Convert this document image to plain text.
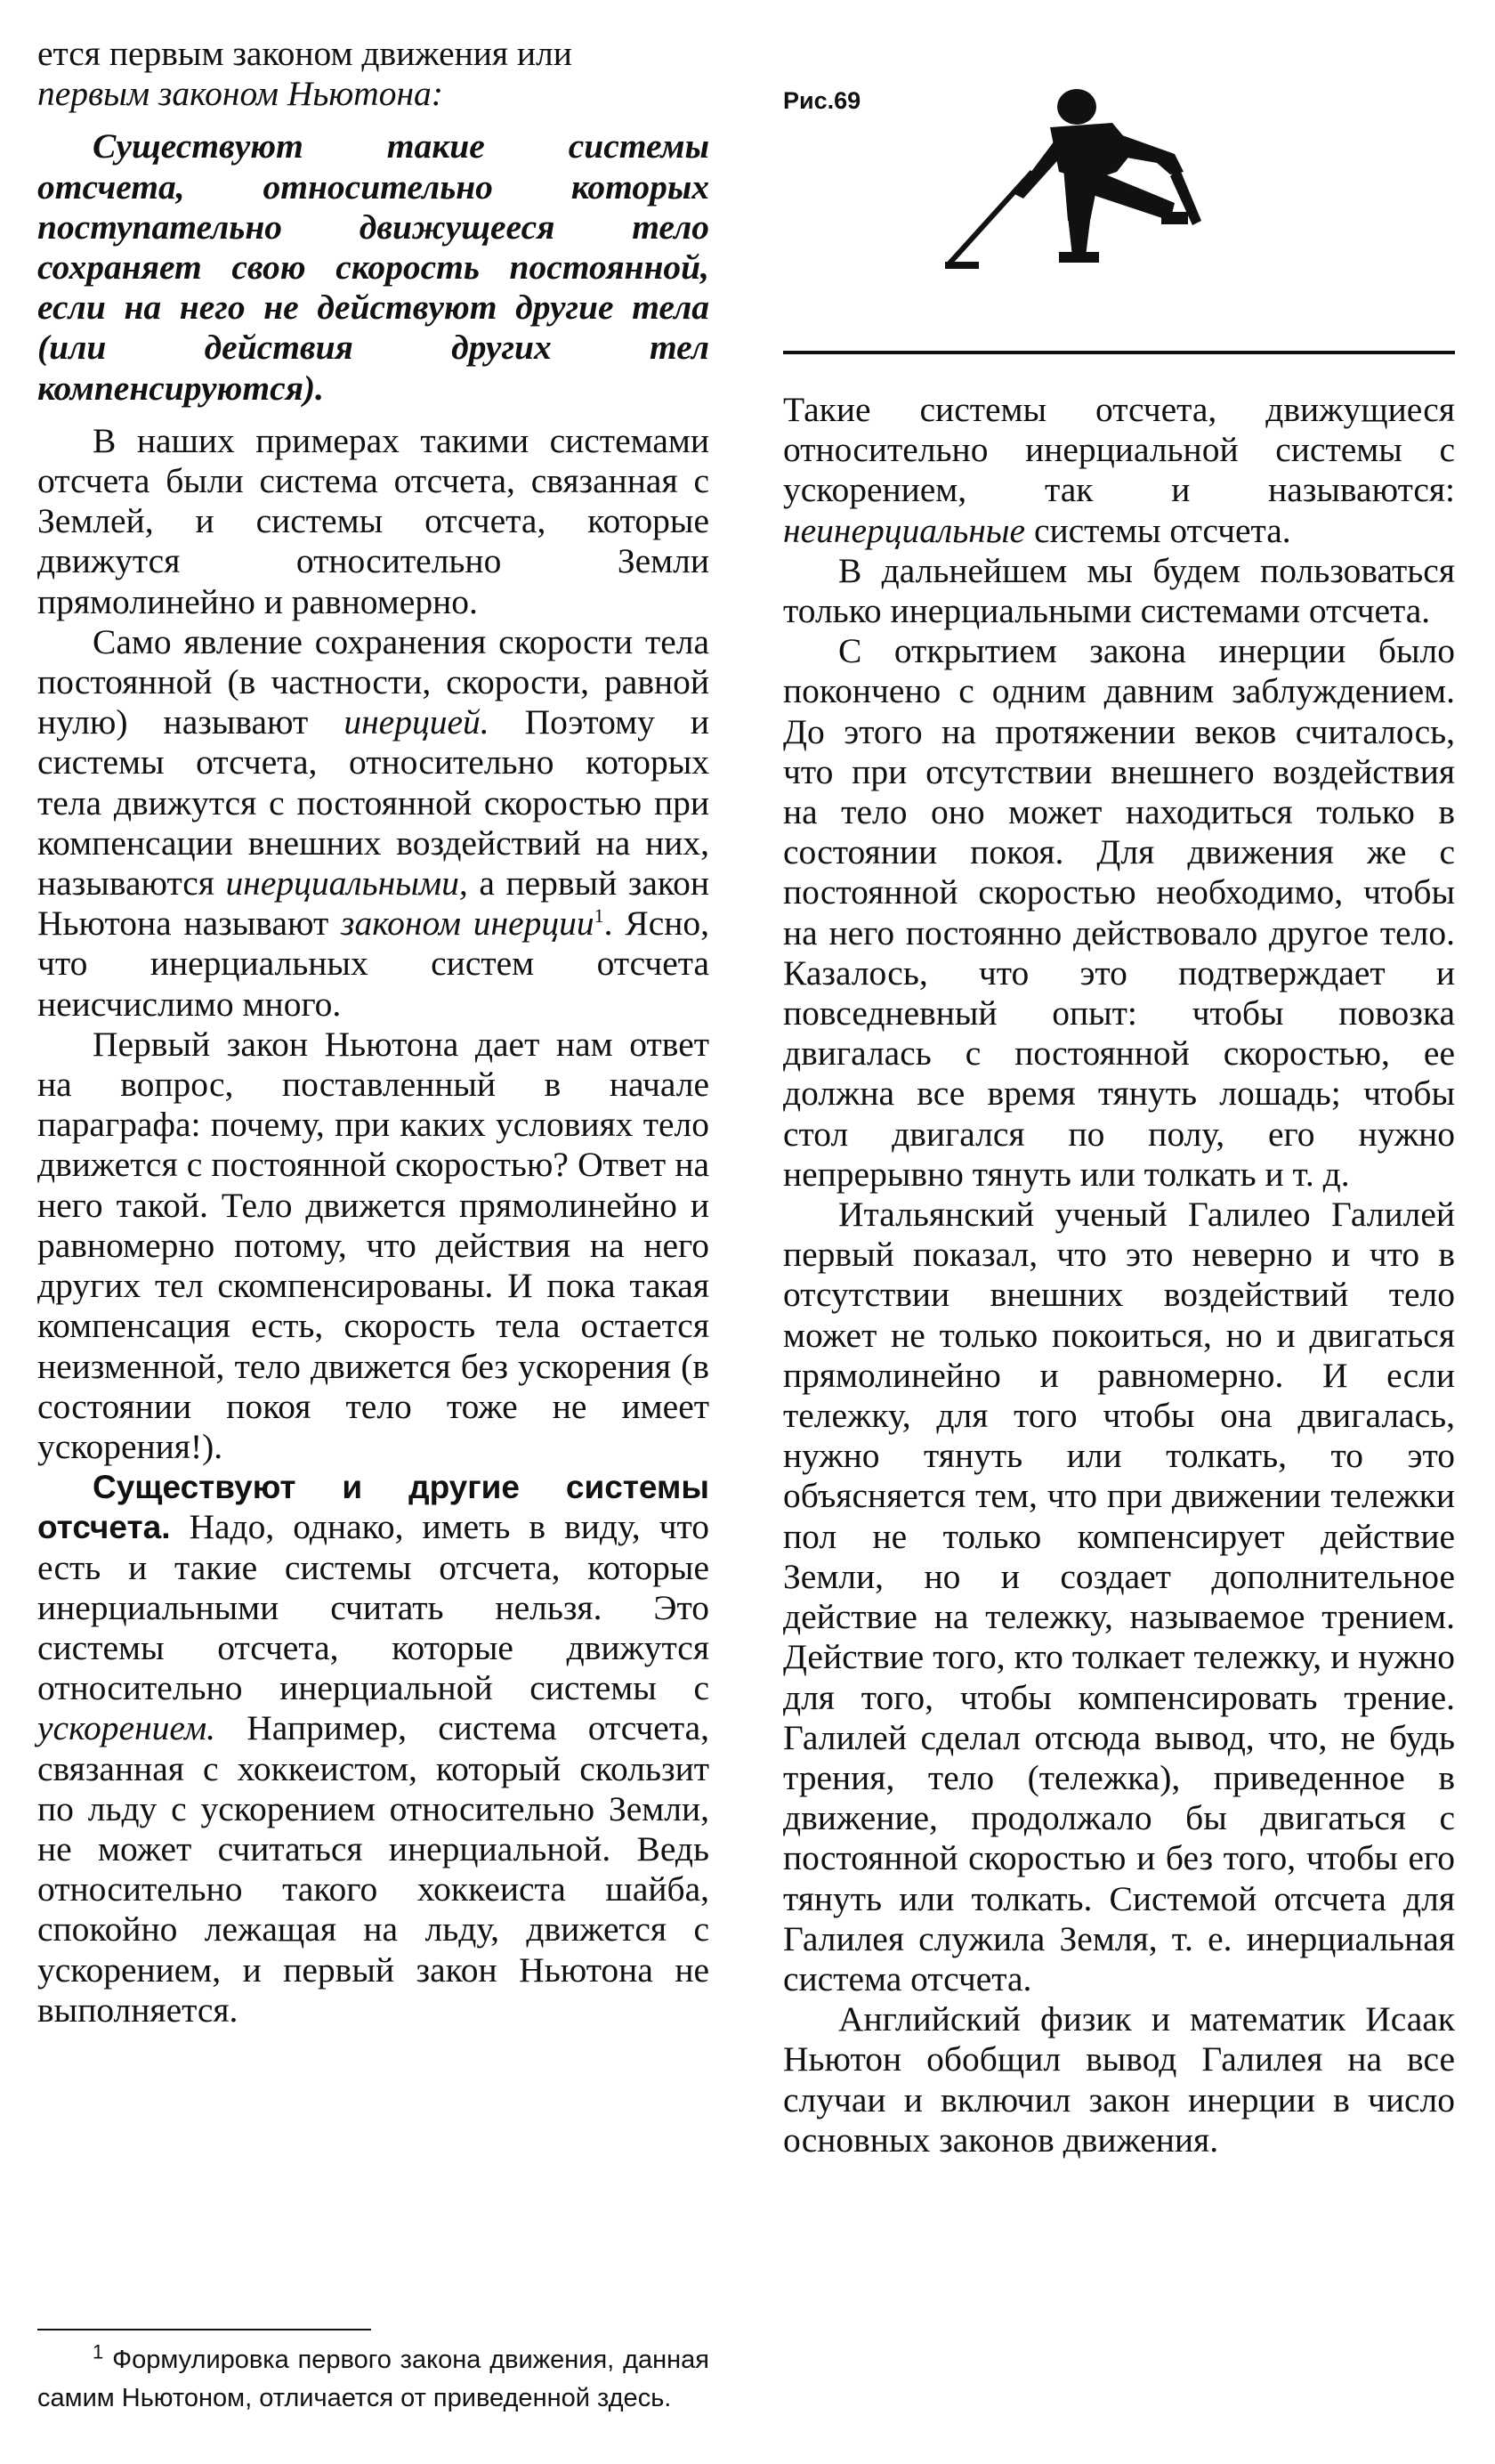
ется первым законом движения или
первым законом Ньютона:

Существуют такие системы отсчета, относительно которых поступательно движущееся тело сохраняет свою скорость постоянной, если на него не действуют другие тела (или действия других тел компенсируются).

В наших примерах такими системами отсчета были система отсчета, связанная с Землей, и системы отсчета, которые движутся относительно Земли прямолинейно и равномерно.

Само явление сохранения скорости тела постоянной (в частности, скорости, равной нулю) называют инерцией. Поэтому и системы отсчета, относительно которых тела движутся с постоянной скоростью при компенсации внешних воздействий на них, называются инерциальными, а первый закон Ньютона называют законом инерции$^1$. Ясно, что инерциальных систем отсчета неисчислимо много.

Первый закон Ньютона дает нам ответ на вопрос, поставленный в начале параграфа: почему, при каких условиях тело движется с постоянной скоростью? Ответ на него такой. Тело движется прямолинейно и равномерно потому, что действия на него других тел скомпенсированы. И пока такая компенсация есть, скорость тела остается неизменной, тело движется без ускорения (в состоянии покоя тело тоже не имеет ускорения!).

Существуют и другие системы отсчета. Надо, однако, иметь в виду, что есть и такие системы отсчета, которые инерциальными считать нельзя. Это системы отсчета, которые движутся относительно инерциальной системы с ускорением. Например, система отсчета, связанная с хоккеистом, который скользит по льду с ускорением относительно Земли, не может считаться инерциальной. Ведь относительно такого хоккеиста шайба, спокойно лежащая на льду, движется с ускорением, и первый закон Ньютона не выполняется.

$^1$ Формулировка первого закона движения, данная самим Ньютоном, отличается от приведенной здесь.

Рис.69

Такие системы отсчета, движущиеся относительно инерциальной системы с ускорением, так и называются: неинерциальные системы отсчета.

В дальнейшем мы будем пользоваться только инерциальными системами отсчета.

С открытием закона инерции было покончено с одним давним заблуждением. До этого на протяжении веков считалось, что при отсутствии внешнего воздействия на тело оно может находиться только в состоянии покоя. Для движения же с постоянной скоростью необходимо, чтобы на него постоянно действовало другое тело. Казалось, что это подтверждает и повседневный опыт: чтобы повозка двигалась с постоянной скоростью, ее должна все время тянуть лошадь; чтобы стол двигался по полу, его нужно непрерывно тянуть или толкать и т. д.

Итальянский ученый Галилео Галилей первый показал, что это неверно и что в отсутствии внешних воздействий тело может не только покоиться, но и двигаться прямолинейно и равномерно. И если тележку, для того чтобы она двигалась, нужно тянуть или толкать, то это объясняется тем, что при движении тележки пол не только компенсирует действие Земли, но и создает дополнительное действие на тележку, называемое трением. Действие того, кто толкает тележку, и нужно для того, чтобы компенсировать трение. Галилей сделал отсюда вывод, что, не будь трения, тело (тележка), приведенное в движение, продолжало бы двигаться с постоянной скоростью и без того, чтобы его тянуть или толкать. Системой отсчета для Галилея служила Земля, т. е. инерциальная система отсчета.

Английский физик и математик Исаак Ньютон обобщил вывод Галилея на все случаи и включил закон инерции в число основных законов движения.
